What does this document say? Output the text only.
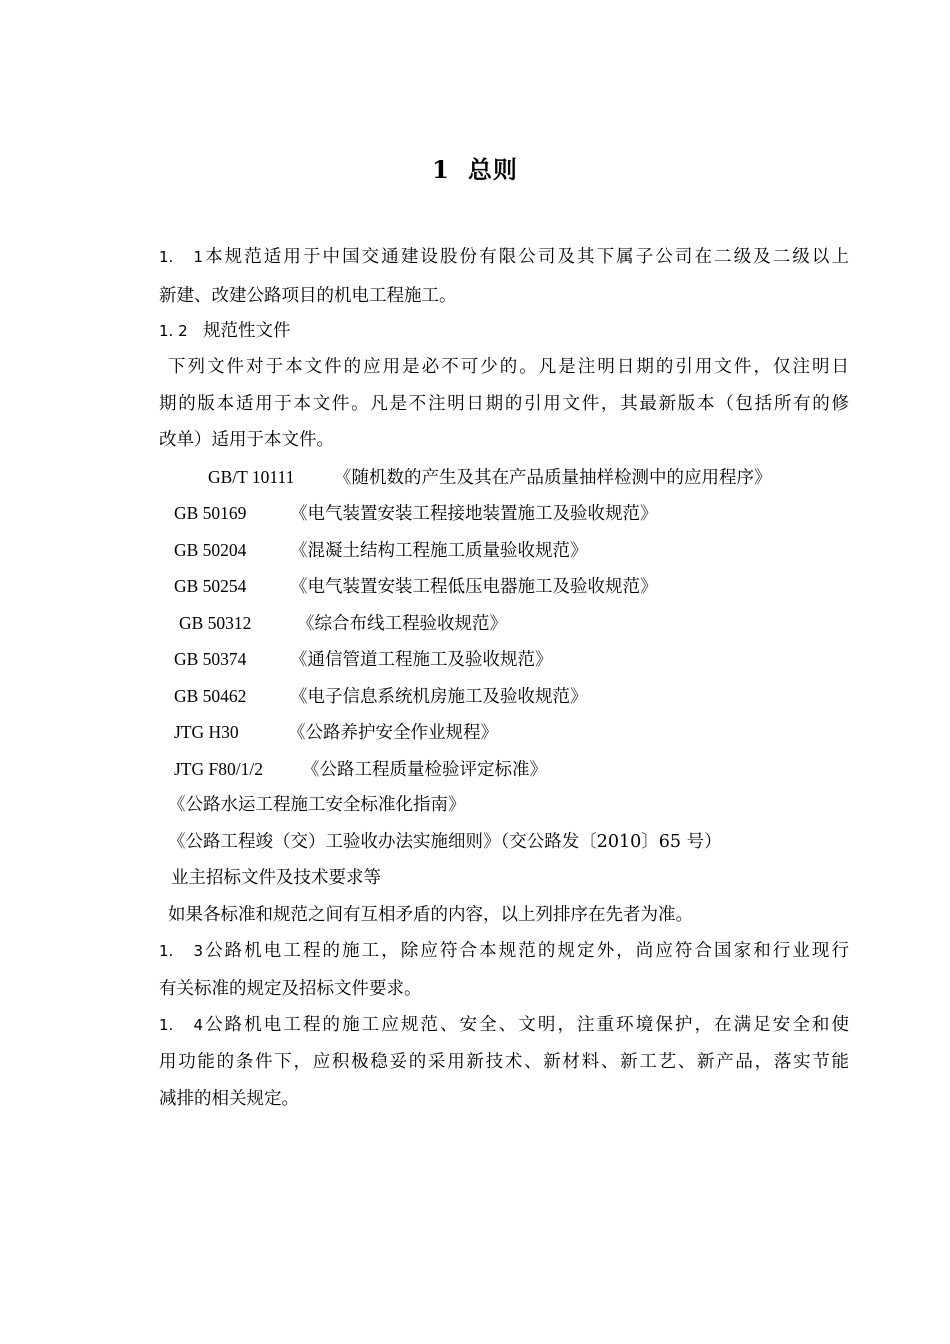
1 总则
1. 1本规范适用于中国交通建设股份有限公司及其下属子公司在二级及二级以上
新建、改建公路项目的机电工程施工。
1. 2 规范性文件
下列文件对于本文件的应用是必不可少的。凡是注明日期的引用文件，仅注明日
期的版本适用于本文件。凡是不注明日期的引用文件，其最新版本（包括所有的修
改单）适用于本文件。
GB/T 10111 《随机数的产生及其在产品质量抽样检测中的应用程序》
GB 50169 《电气装置安装工程接地装置施工及验收规范》
GB 50204 《混凝土结构工程施工质量验收规范》
GB 50254 《电气装置安装工程低压电器施工及验收规范》
GB 50312	《综合布线工程验收规范》
GB 50374 《通信管道工程施工及验收规范》
GB 50462 《电子信息系统机房施工及验收规范》
JTG H30	《公路养护安全作业规程》
JTG F80/1/2 《公路工程质量检验评定标准》
《公路水运工程施工安全标准化指南》
《公路工程竣（交）工验收办法实施细则》（交公路发〔2010〕65 号）
业主招标文件及技术要求等
如果各标准和规范之间有互相矛盾的内容，以上列排序在先者为准。
1. 3公路机电工程的施工，除应符合本规范的规定外，尚应符合国家和行业现行
有关标准的规定及招标文件要求。
1. 4公路机电工程的施工应规范、安全、文明，注重环境保护，在满足安全和使
用功能的条件下，应积极稳妥的采用新技术、新材料、新工艺、新产品，落实节能
减排的相关规定。
